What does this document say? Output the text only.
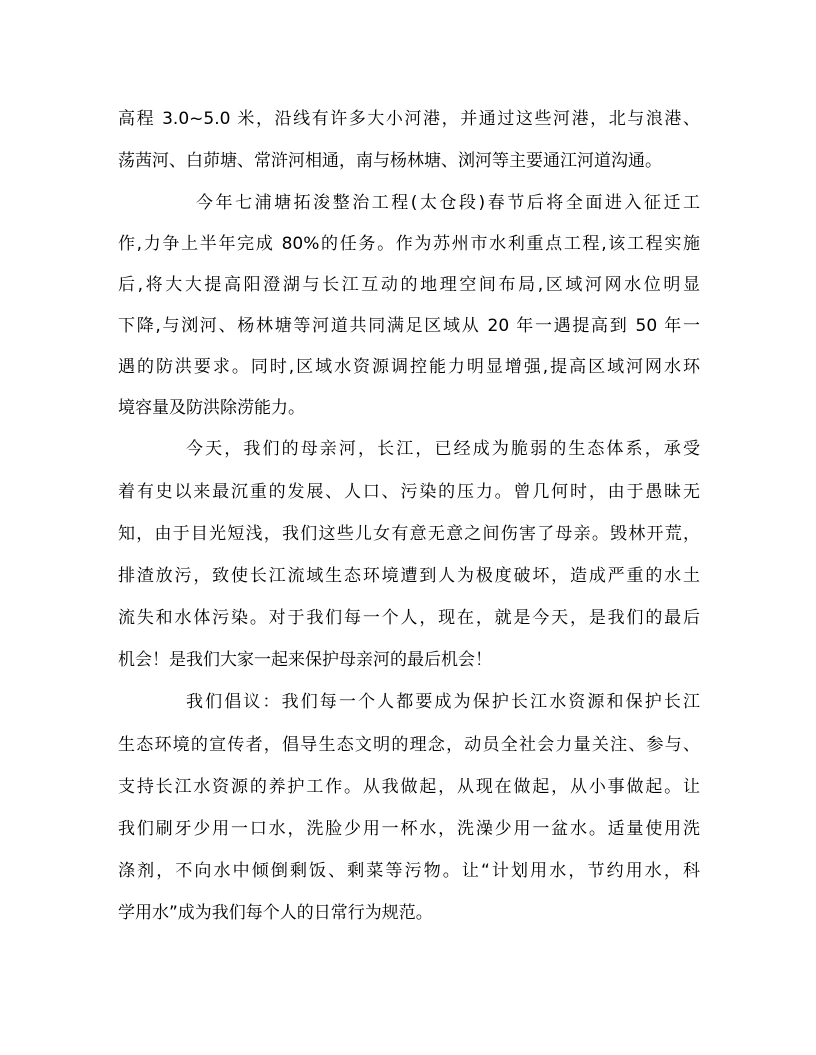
高程 3.0~5.0 米，沿线有许多大小河港，并通过这些河港，北与浪港、
荡茜河、白茆塘、常浒河相通，南与杨林塘、浏河等主要通江河道沟通。
今年七浦塘拓浚整治工程(太仓段)春节后将全面进入征迁工
作,力争上半年完成 80%的任务。作为苏州市水利重点工程,该工程实施
后,将大大提高阳澄湖与长江互动的地理空间布局,区域河网水位明显
下降,与浏河、杨林塘等河道共同满足区域从 20 年一遇提高到 50 年一
遇的防洪要求。同时,区域水资源调控能力明显增强,提高区域河网水环
境容量及防洪除涝能力。
今天，我们的母亲河，长江，已经成为脆弱的生态体系，承受
着有史以来最沉重的发展、人口、污染的压力。曾几何时，由于愚昧无
知，由于目光短浅，我们这些儿女有意无意之间伤害了母亲。毁林开荒，
排渣放污，致使长江流域生态环境遭到人为极度破坏，造成严重的水土
流失和水体污染。对于我们每一个人，现在，就是今天，是我们的最后
机会！是我们大家一起来保护母亲河的最后机会！
我们倡议：我们每一个人都要成为保护长江水资源和保护长江
生态环境的宣传者，倡导生态文明的理念，动员全社会力量关注、参与、
支持长江水资源的养护工作。从我做起，从现在做起，从小事做起。让
我们刷牙少用一口水，洗脸少用一杯水，洗澡少用一盆水。适量使用洗
涤剂，不向水中倾倒剩饭、剩菜等污物。让“计划用水，节约用水，科
学用水”成为我们每个人的日常行为规范。
